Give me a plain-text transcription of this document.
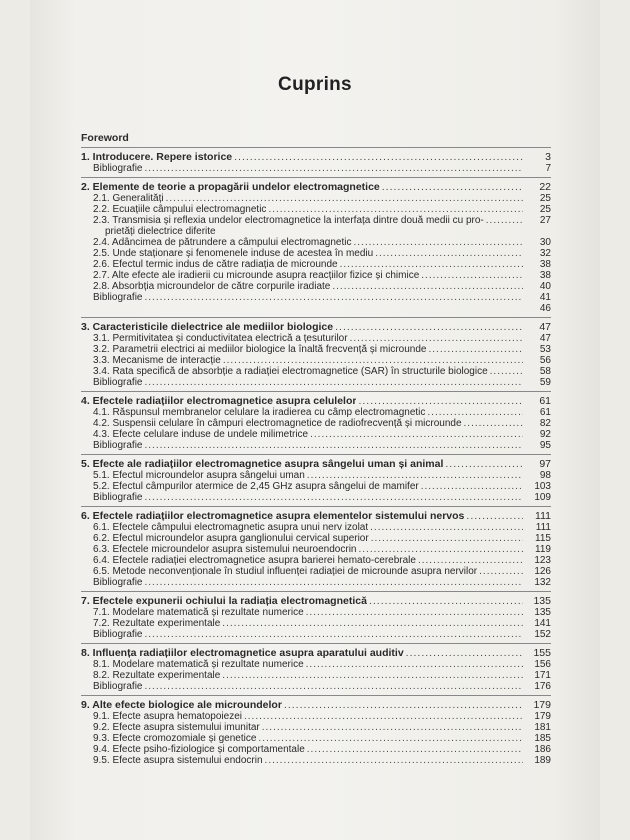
Cuprins
Foreword
1. Introducere. Repere istorice .....	3
Bibliografie .....	7
2. Elemente de teorie a propagării undelor electromagnetice .....	22
2.1. Generalități .....	25
2.2. Ecuațiile câmpului electromagnetic .....	25
2.3. Transmisia și reflexia undelor electromagnetice la interfața dintre două medii cu pro- .....	27
prietăți dielectrice diferite
2.4. Adâncimea de pătrundere a câmpului electromagnetic .....	30
2.5. Unde staționare și fenomenele induse de acestea în mediu .....	32
2.6. Efectul termic indus de către radiația de microunde .....	38
2.7. Alte efecte ale iradierii cu microunde asupra reacțiilor fizice și chimice .....	38
2.8. Absorbția microundelor de către corpurile iradiate .....	40
Bibliografie .....	41
46
3. Caracteristicile dielectrice ale mediilor biologice .....	47
3.1. Permitivitatea și conductivitatea electrică a țesuturilor .....	47
3.2. Parametrii electrici ai mediilor biologice la înaltă frecvență și microunde .....	53
3.3. Mecanisme de interacție .....	56
3.4. Rata specifică de absorbție a radiației electromagnetice (SAR) în structurile biologice .....	58
Bibliografie .....	59
4. Efectele radiațiilor electromagnetice asupra celulelor .....	61
4.1. Răspunsul membranelor celulare la iradierea cu câmp electromagnetic .....	61
4.2. Suspensii celulare în câmpuri electromagnetice de radiofrecvență și microunde .....	82
4.3. Efecte celulare induse de undele milimetrice .....	92
Bibliografie .....	95
5. Efecte ale radiațiilor electromagnetice asupra sângelui uman și animal .....	97
5.1. Efectul microundelor asupra sângelui uman .....	98
5.2. Efectul câmpurilor atermice de 2,45 GHz asupra sângelui de mamifer .....	103
Bibliografie .....	109
6. Efectele radiațiilor electromagnetice asupra elementelor sistemului nervos .....	111
6.1. Efectele câmpului electromagnetic asupra unui nerv izolat .....	111
6.2. Efectul microundelor asupra ganglionului cervical superior .....	115
6.3. Efectele microundelor asupra sistemului neuroendocrin .....	119
6.4. Efectele radiației electromagnetice asupra barierei hemato-cerebrale .....	123
6.5. Metode neconvenționale în studiul influenței radiației de microunde asupra nervilor .....	126
Bibliografie .....	132
7. Efectele expunerii ochiului la radiația electromagnetică .....	135
7.1. Modelare matematică și rezultate numerice .....	135
7.2. Rezultate experimentale .....	141
Bibliografie .....	152
8. Influența radiațiilor electromagnetice asupra aparatului auditiv .....	155
8.1. Modelare matematică și rezultate numerice .....	156
8.2. Rezultate experimentale .....	171
Bibliografie .....	176
9. Alte efecte biologice ale microundelor .....	179
9.1. Efecte asupra hematopoiezei .....	179
9.2. Efecte asupra sistemului imunitar .....	181
9.3. Efecte cromozomiale și genetice .....	185
9.4. Efecte psiho-fiziologice și comportamentale .....	186
9.5. Efecte asupra sistemului endocrin .....	189
